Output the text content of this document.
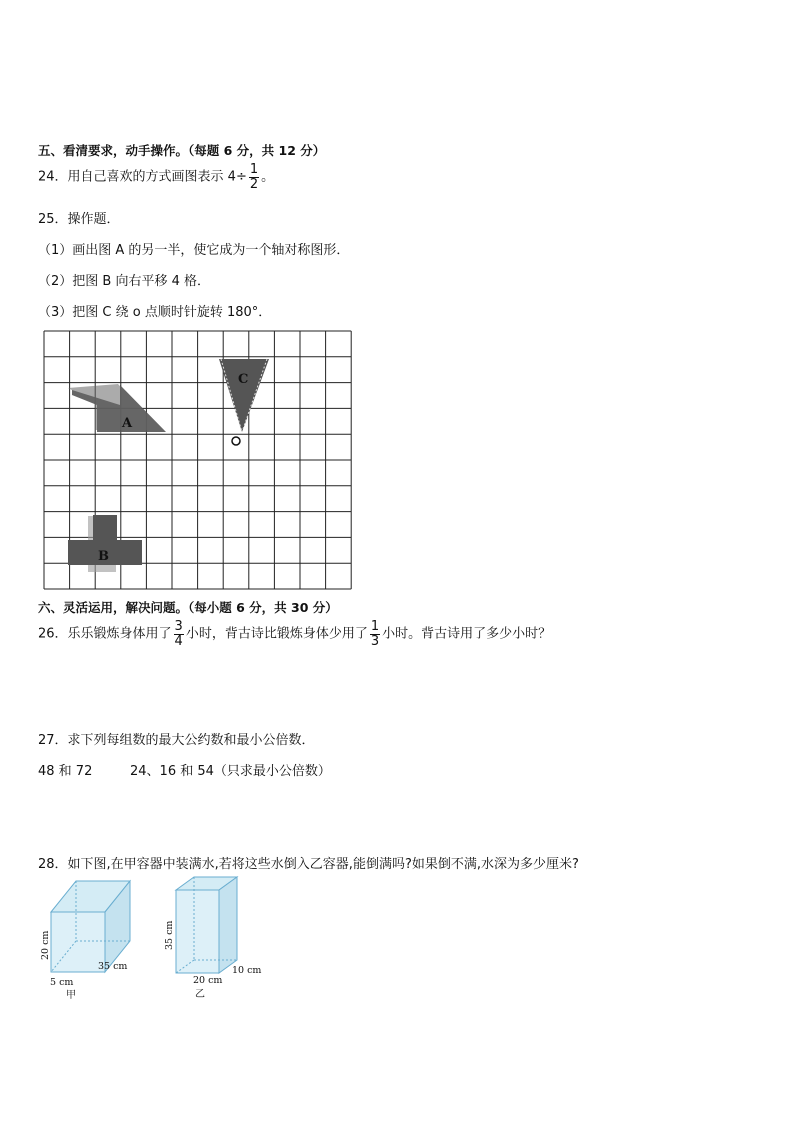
五、看清要求，动手操作。（每题 6 分，共 12 分）
24．用自己喜欢的方式画图表示 $4\div \frac{1}{2}$ 。
25．操作题．
（1）画出图 A 的另一半，使它成为一个轴对称图形．
（2）把图 B 向右平移 4 格．
（3）把图 C 绕 o 点顺时针旋转 180°．
A
C
B
六、灵活运用，解决问题。（每小题 6 分，共 30 分）
26．乐乐锻炼身体用了 $\frac{3}{4}$ 小时，背古诗比锻炼身体少用了 $\frac{1}{3}$ 小时。背古诗用了多少小时？
27．求下列每组数的最大公约数和最小公倍数．
48 和 72	24、16 和 54（只求最小公倍数）
28．如下图,在甲容器中装满水,若将这些水倒入乙容器,能倒满吗?如果倒不满,水深为多少厘米?
20 cm
35 cm
5 cm
甲
35 cm
10 cm
20 cm
乙
